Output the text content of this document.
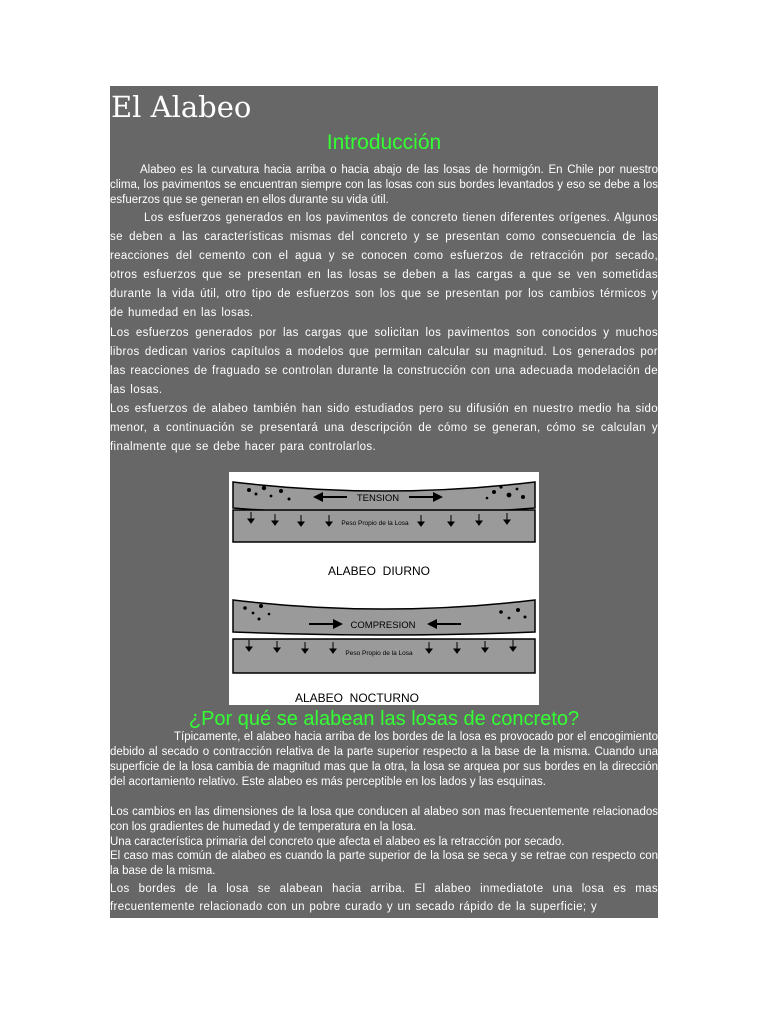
El Alabeo
Introducción

Alabeo es la curvatura hacia arriba o hacia abajo de las losas de hormigón. En Chile por nuestro clima, los pavimentos se encuentran siempre con las losas con sus bordes levantados y eso se debe a los esfuerzos que se generan en ellos durante su vida útil.

Los esfuerzos generados en los pavimentos de concreto tienen diferentes orígenes. Algunos se deben a las características mismas del concreto y se presentan como consecuencia de las reacciones del cemento con el agua y se conocen como esfuerzos de retracción por secado, otros esfuerzos que se presentan en las losas se deben a las cargas a que se ven sometidas durante la vida útil, otro tipo de esfuerzos son los que se presentan por los cambios térmicos y de humedad en las losas.

Los esfuerzos generados por las cargas que solicitan los pavimentos son conocidos y muchos libros dedican varios capítulos a modelos que permitan calcular su magnitud. Los generados por las reacciones de fraguado se controlan durante la construcción con una adecuada modelación de las losas.

Los esfuerzos de alabeo también han sido estudiados pero su difusión en nuestro medio ha sido menor, a continuación se presentará una descripción de cómo se generan, cómo se calculan y finalmente que se debe hacer para controlarlos.

TENSION
Peso Propio de la Losa
ALABEO  DIURNO
COMPRESION
Peso Propio de la Losa
ALABEO  NOCTURNO
¿Por qué se alabean las losas de concreto?

Típicamente, el alabeo hacia arriba de los bordes de la losa es provocado por el encogimiento debido al secado o contracción relativa de la parte superior respecto a la base de la misma. Cuando una superficie de la losa cambia de magnitud mas que la otra, la losa se arquea por sus bordes en la dirección del acortamiento relativo. Este alabeo es más perceptible en los lados y las esquinas.

Los cambios en las dimensiones de la losa que conducen al alabeo son mas frecuentemente relacionados con los gradientes de humedad y de temperatura en la losa.

Una característica primaria del concreto que afecta el alabeo es la retracción por secado.

El caso mas común de alabeo es cuando la parte superior de la losa se seca y se retrae con respecto con la base de la misma.

Los bordes de la losa se alabean hacia arriba. El alabeo inmediatote una losa es mas frecuentemente relacionado con un pobre curado y un secado rápido de la superficie; y
